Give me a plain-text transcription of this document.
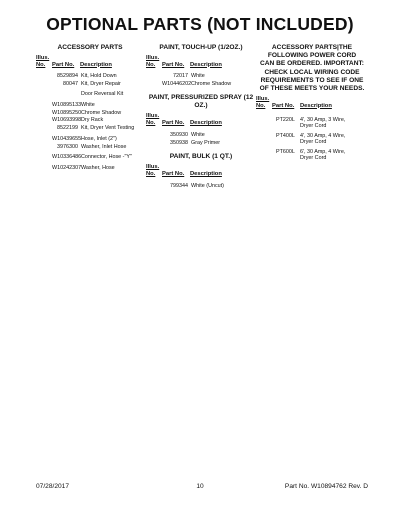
OPTIONAL PARTS (NOT INCLUDED)
ACCESSORY PARTS
Illus.
No.	Part No. Description
8529894 Kit, Hold Down
80047 Kit, Dryer Repair
Door Reversal Kit
W10895133 White
W10895250 Chrome Shadow
W10693998 Dry Rack
8522199 Kit, Dryer Vent Testing
W10439655 Hose, Inlet (2")
3976300 Washer, Inlet Hose
W10336486 Connector, Hose -"Y"
W10242307 Washer, Hose
PAINT, TOUCH-UP (1/2OZ.)
Illus.
No.	Part No. Description
72017 White
W10446202 Chrome Shadow
PAINT, PRESSURIZED SPRAY (12
OZ.)
Illus.
No.	Part No. Description
350930 White
350938 Gray Primer
PAINT, BULK (1 QT.)
Illus.
No.	Part No. Description
799344 White (Uncut)
ACCESSORY PARTS|THE
FOLLOWING POWER CORD
CAN BE ORDERED. IMPORTANT:
CHECK LOCAL WIRING CODE
REQUIREMENTS TO SEE IF ONE
OF THESE MEETS YOUR NEEDS.
Illus.
No.	Part No. Description
PT220L 4', 30 Amp, 3 Wire,
Dryer Cord
PT400L 4', 30 Amp, 4 Wire,
Dryer Cord
PT600L 6', 30 Amp, 4 Wire,
Dryer Cord
07/28/2017	10	Part No. W10894762 Rev. D
